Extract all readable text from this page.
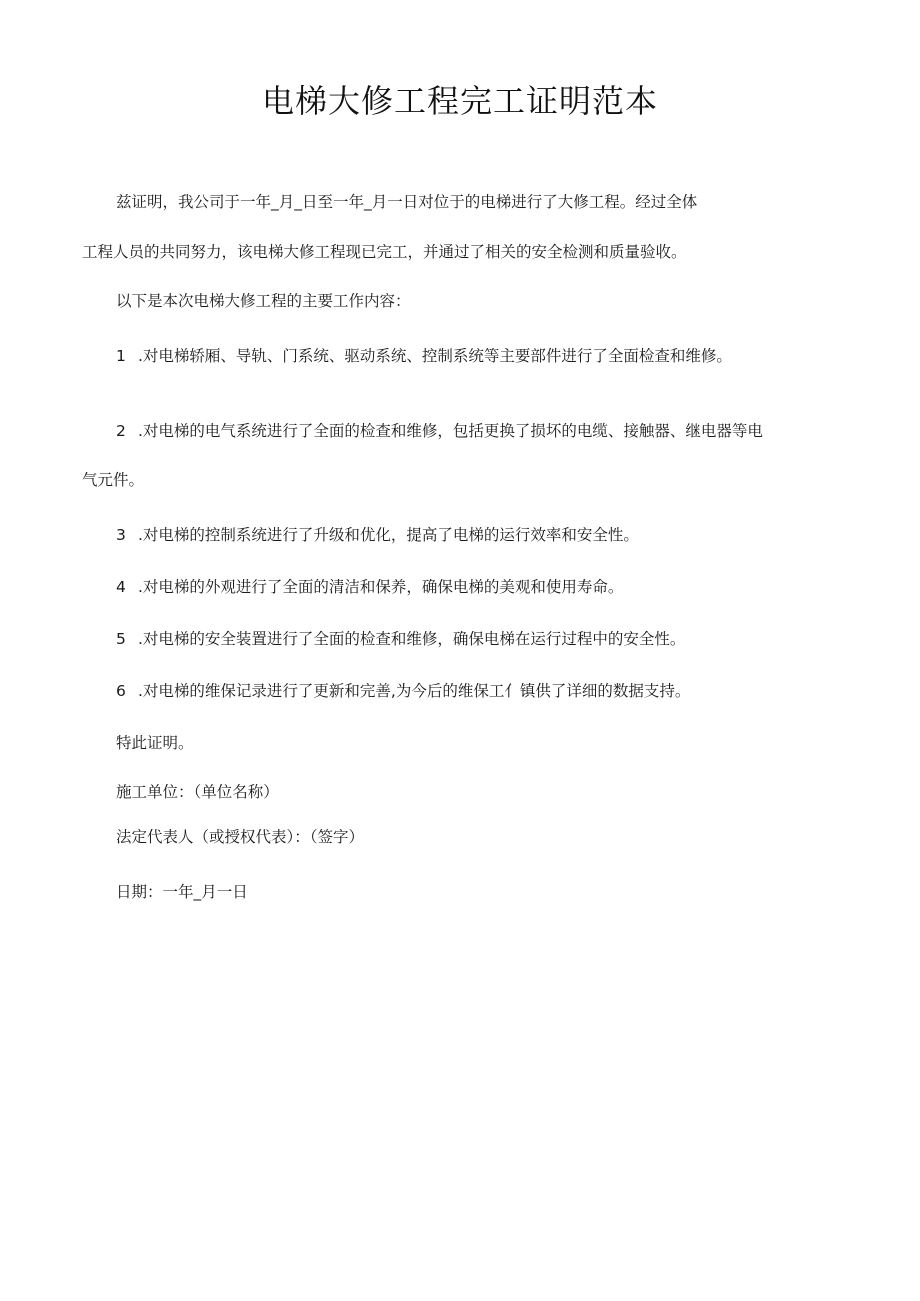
电梯大修工程完工证明范本
兹证明，我公司于一年_月_日至一年_月一日对位于的电梯进行了大修工程。经过全体
工程人员的共同努力，该电梯大修工程现已完工，并通过了相关的安全检测和质量验收。
以下是本次电梯大修工程的主要工作内容：
1 .对电梯轿厢、导轨、门系统、驱动系统、控制系统等主要部件进行了全面检查和维修。
2 .对电梯的电气系统进行了全面的检查和维修，包括更换了损坏的电缆、接触器、继电器等电
气元件。
3 .对电梯的控制系统进行了升级和优化，提高了电梯的运行效率和安全性。
4 .对电梯的外观进行了全面的清洁和保养，确保电梯的美观和使用寿命。
5 .对电梯的安全装置进行了全面的检查和维修，确保电梯在运行过程中的安全性。
6 .对电梯的维保记录进行了更新和完善,为今后的维保工亻镇供了详细的数据支持。
特此证明。
施工单位：（单位名称）
法定代表人（或授权代表）：（签字）
日期：一年_月一日
